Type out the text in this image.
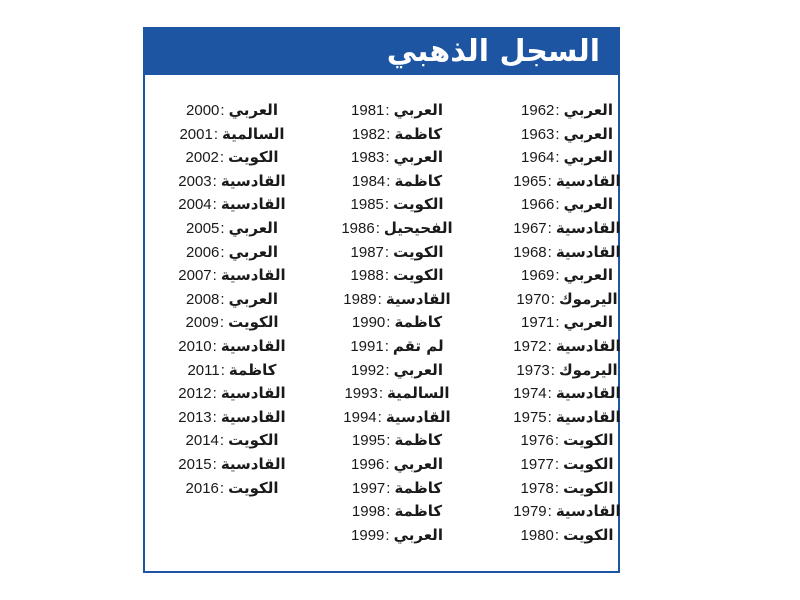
السجل الذهبي
1962: العربي
1963: العربي
1964: العربي
1965: القادسية
1966: العربي
1967: القادسية
1968: القادسية
1969: العربي
1970: اليرموك
1971: العربي
1972: القادسية
1973: اليرموك
1974: القادسية
1975: القادسية
1976: الكويت
1977: الكويت
1978: الكويت
1979: القادسية
1980: الكويت
1981: العربي
1982: كاظمة
1983: العربي
1984: كاظمة
1985: الكويت
1986: الفحيحيل
1987: الكويت
1988: الكويت
1989: القادسية
1990: كاظمة
1991: لم تقم
1992: العربي
1993: السالمية
1994: القادسية
1995: كاظمة
1996: العربي
1997: كاظمة
1998: كاظمة
1999: العربي
2000: العربي
2001: السالمية
2002: الكويت
2003: القادسية
2004: القادسية
2005: العربي
2006: العربي
2007: القادسية
2008: العربي
2009: الكويت
2010: القادسية
2011: كاظمة
2012: القادسية
2013: القادسية
2014: الكويت
2015: القادسية
2016: الكويت
